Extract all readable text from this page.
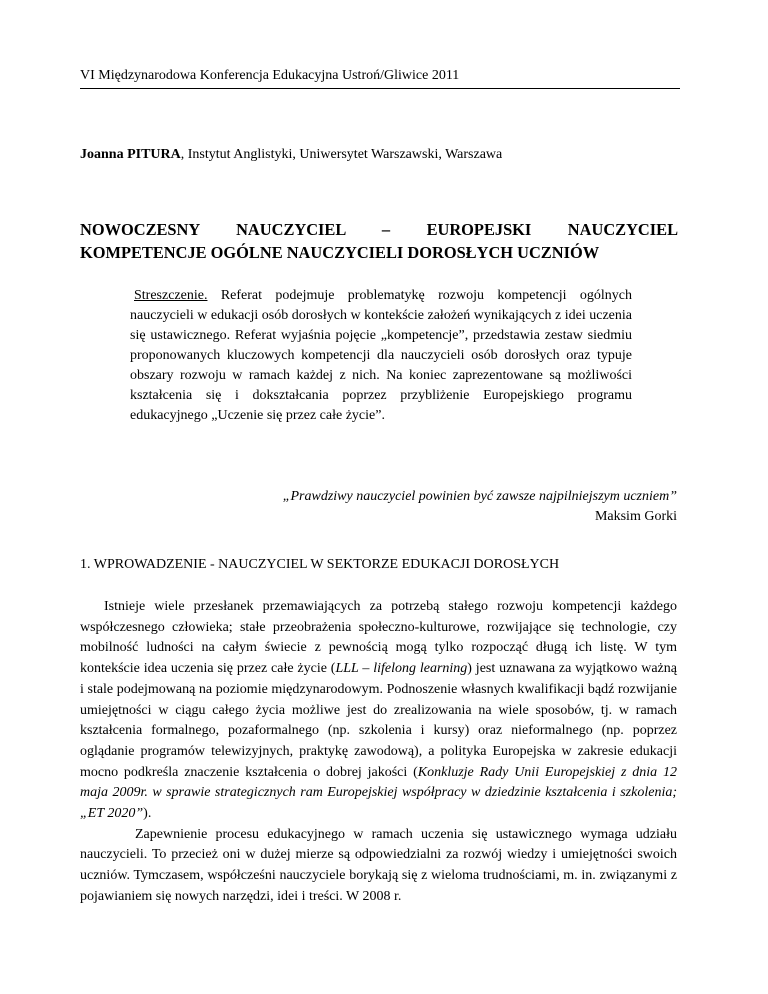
VI Międzynarodowa Konferencja Edukacyjna Ustroń/Gliwice 2011
Joanna PITURA, Instytut Anglistyki, Uniwersytet Warszawski, Warszawa
NOWOCZESNY NAUCZYCIEL – EUROPEJSKI NAUCZYCIEL
KOMPETENCJE OGÓLNE NAUCZYCIELI DOROSŁYCH UCZNIÓW
Streszczenie. Referat podejmuje problematykę rozwoju kompetencji ogólnych nauczycieli w edukacji osób dorosłych w kontekście założeń wynikających z idei uczenia się ustawicznego. Referat wyjaśnia pojęcie „kompetencje”, przedstawia zestaw siedmiu proponowanych kluczowych kompetencji dla nauczycieli osób dorosłych oraz typuje obszary rozwoju w ramach każdej z nich. Na koniec zaprezentowane są możliwości kształcenia się i dokształcania poprzez przybliżenie Europejskiego programu edukacyjnego „Uczenie się przez całe życie”.
„Prawdziwy nauczyciel powinien być zawsze najpilniejszym uczniem”
Maksim Gorki
1. WPROWADZENIE - NAUCZYCIEL W SEKTORZE EDUKACJI DOROSŁYCH

Istnieje wiele przesłanek przemawiających za potrzebą stałego rozwoju kompetencji każdego współczesnego człowieka; stałe przeobrażenia społeczno-kulturowe, rozwijające się technologie, czy mobilność ludności na całym świecie z pewnością mogą tylko rozpocząć długą ich listę. W tym kontekście idea uczenia się przez całe życie (LLL – lifelong learning) jest uznawana za wyjątkowo ważną i stale podejmowaną na poziomie międzynarodowym. Podnoszenie własnych kwalifikacji bądź rozwijanie umiejętności w ciągu całego życia możliwe jest do zrealizowania na wiele sposobów, tj. w ramach kształcenia formalnego, pozaformalnego (np. szkolenia i kursy) oraz nieformalnego (np. poprzez oglądanie programów telewizyjnych, praktykę zawodową), a polityka Europejska w zakresie edukacji mocno podkreśla znaczenie kształcenia o dobrej jakości (Konkluzje Rady Unii Europejskiej z dnia 12 maja 2009r. w sprawie strategicznych ram Europejskiej współpracy w dziedzinie kształcenia i szkolenia; „ET 2020”).

Zapewnienie procesu edukacyjnego w ramach uczenia się ustawicznego wymaga udziału nauczycieli. To przecież oni w dużej mierze są odpowiedzialni za rozwój wiedzy i umiejętności swoich uczniów. Tymczasem, współcześni nauczyciele borykają się z wieloma trudnościami, m. in. związanymi z pojawianiem się nowych narzędzi, idei i treści. W 2008 r.
